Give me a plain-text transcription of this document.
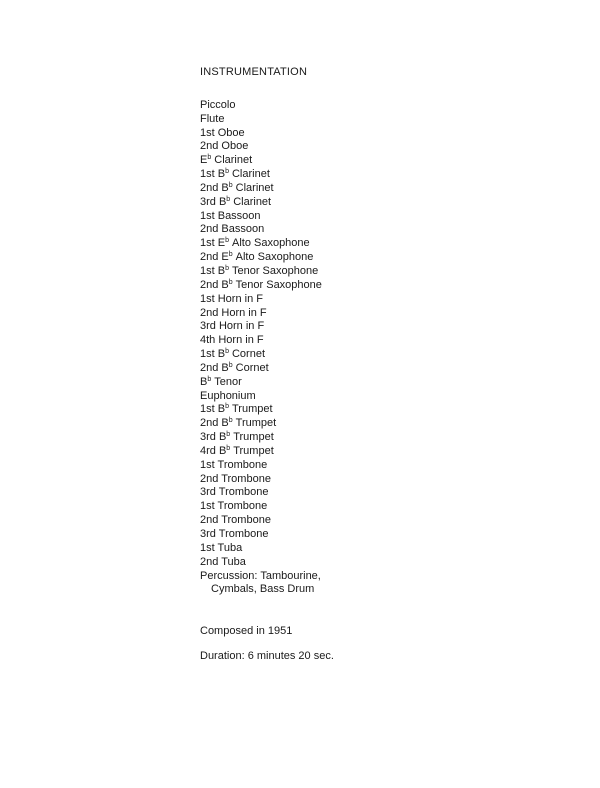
INSTRUMENTATION
Piccolo
Flute
1st Oboe
2nd Oboe
$E^b$ Clarinet
1st $B^b$ Clarinet
2nd $B^b$ Clarinet
3rd $B^b$ Clarinet
1st Bassoon
2nd Bassoon
1st $E^b$ Alto Saxophone
2nd $E^b$ Alto Saxophone
1st $B^b$ Tenor Saxophone
2nd $B^b$ Tenor Saxophone
1st Horn in F
2nd Horn in F
3rd Horn in F
4th Horn in F
1st $B^b$ Cornet
2nd $B^b$ Cornet
$B^b$ Tenor
Euphonium
1st $B^b$ Trumpet
2nd $B^b$ Trumpet
3rd $B^b$ Trumpet
4rd $B^b$ Trumpet
1st Trombone
2nd Trombone
3rd Trombone
1st Trombone
2nd Trombone
3rd Trombone
1st Tuba
2nd Tuba
Percussion: Tambourine,
Cymbals, Bass Drum
Composed in 1951
Duration: 6 minutes 20 sec.
